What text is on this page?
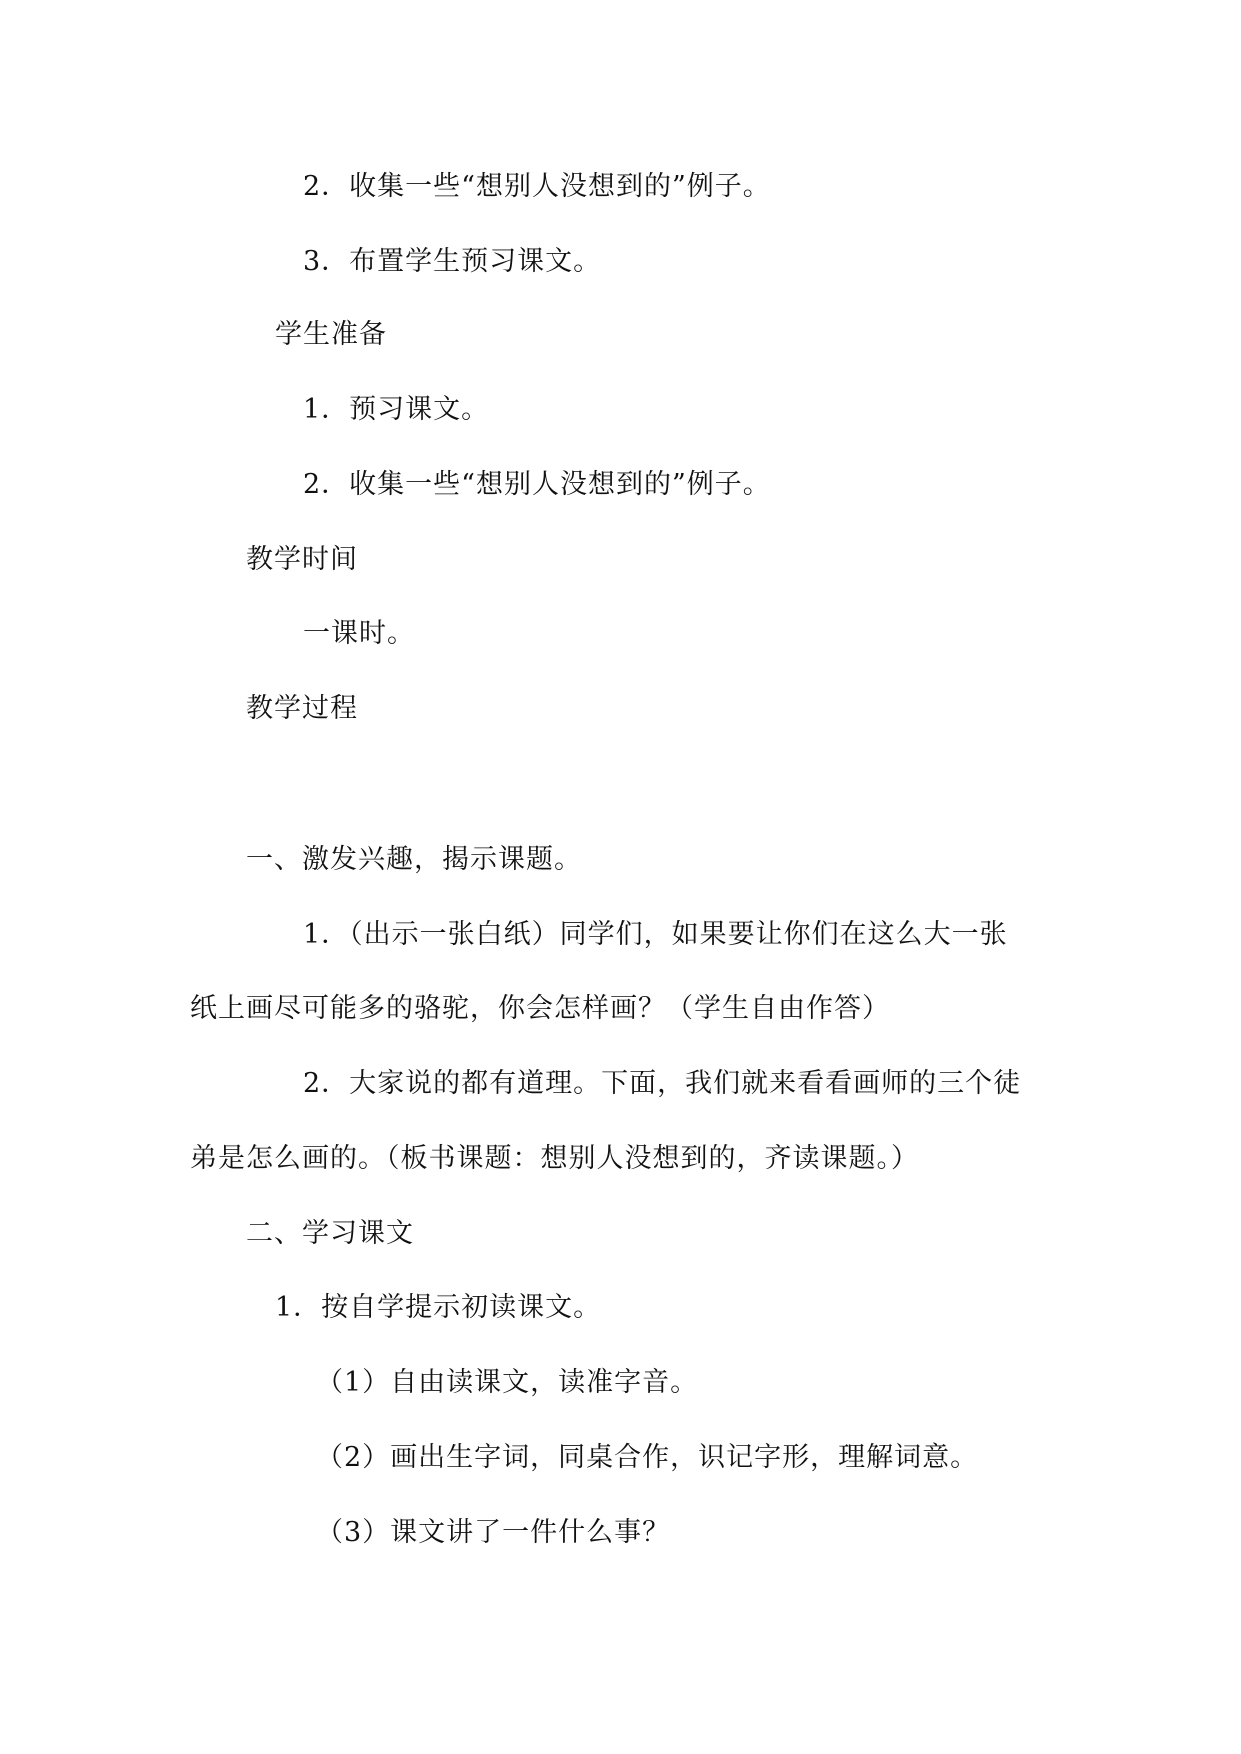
2．收集一些“想别人没想到的”例子。
3．布置学生预习课文。
学生准备
1．预习课文。
2．收集一些“想别人没想到的”例子。
教学时间
一课时。
教学过程
一、激发兴趣，揭示课题。
1．（出示一张白纸）同学们，如果要让你们在这么大一张
纸上画尽可能多的骆驼，你会怎样画？（学生自由作答）
2．大家说的都有道理。下面，我们就来看看画师的三个徒
弟是怎么画的。（板书课题：想别人没想到的，齐读课题。）
二、学习课文
1．按自学提示初读课文。
（1）自由读课文，读准字音。
（2）画出生字词，同桌合作，识记字形，理解词意。
（3）课文讲了一件什么事？
